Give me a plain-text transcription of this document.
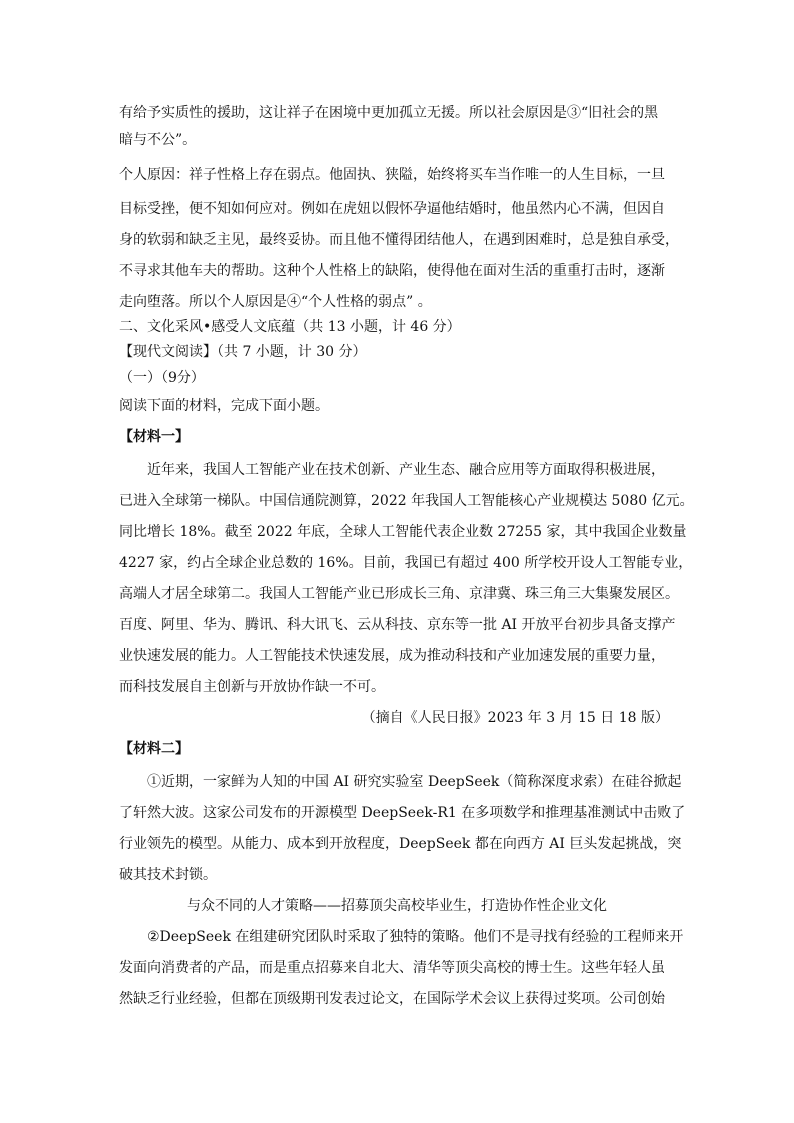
有给予实质性的援助，这让祥子在困境中更加孤立无援。所以社会原因是③“旧社会的黑
暗与不公”。
个人原因：祥子性格上存在弱点。他固执、狭隘，始终将买车当作唯一的人生目标，一旦
目标受挫，便不知如何应对。例如在虎妞以假怀孕逼他结婚时，他虽然内心不满，但因自
身的软弱和缺乏主见，最终妥协。而且他不懂得团结他人，在遇到困难时，总是独自承受，
不寻求其他车夫的帮助。这种个人性格上的缺陷，使得他在面对生活的重重打击时，逐渐
走向堕落。所以个人原因是④“个人性格的弱点” 。
二、文化采风•感受人文底蕴（共 13 小题，计 46 分）
【现代文阅读】（共 7 小题，计 30 分）
（一）（9分）
阅读下面的材料，完成下面小题。
【材料一】
近年来，我国人工智能产业在技术创新、产业生态、融合应用等方面取得积极进展，
已进入全球第一梯队。中国信通院测算，2022 年我国人工智能核心产业规模达 5080 亿元。
同比增长 18%。截至 2022 年底，全球人工智能代表企业数 27255 家，其中我国企业数量
4227 家，约占全球企业总数的 16%。目前，我国已有超过 400 所学校开设人工智能专业，
高端人才居全球第二。我国人工智能产业已形成长三角、京津冀、珠三角三大集聚发展区。
百度、阿里、华为、腾讯、科大讯飞、云从科技、京东等一批 AI 开放平台初步具备支撑产
业快速发展的能力。人工智能技术快速发展，成为推动科技和产业加速发展的重要力量，
而科技发展自主创新与开放协作缺一不可。
（摘自《人民日报》2023 年 3 月 15 日 18 版）
【材料二】
①近期，一家鲜为人知的中国 AI 研究实验室 DeepSeek（简称深度求索）在硅谷掀起
了轩然大波。这家公司发布的开源模型 DeepSeek-R1 在多项数学和推理基准测试中击败了
行业领先的模型。从能力、成本到开放程度，DeepSeek 都在向西方 AI 巨头发起挑战，突
破其技术封锁。
与众不同的人才策略——招募顶尖高校毕业生，打造协作性企业文化
②DeepSeek 在组建研究团队时采取了独特的策略。他们不是寻找有经验的工程师来开
发面向消费者的产品，而是重点招募来自北大、清华等顶尖高校的博士生。这些年轻人虽
然缺乏行业经验，但都在顶级期刊发表过论文，在国际学术会议上获得过奖项。公司创始
